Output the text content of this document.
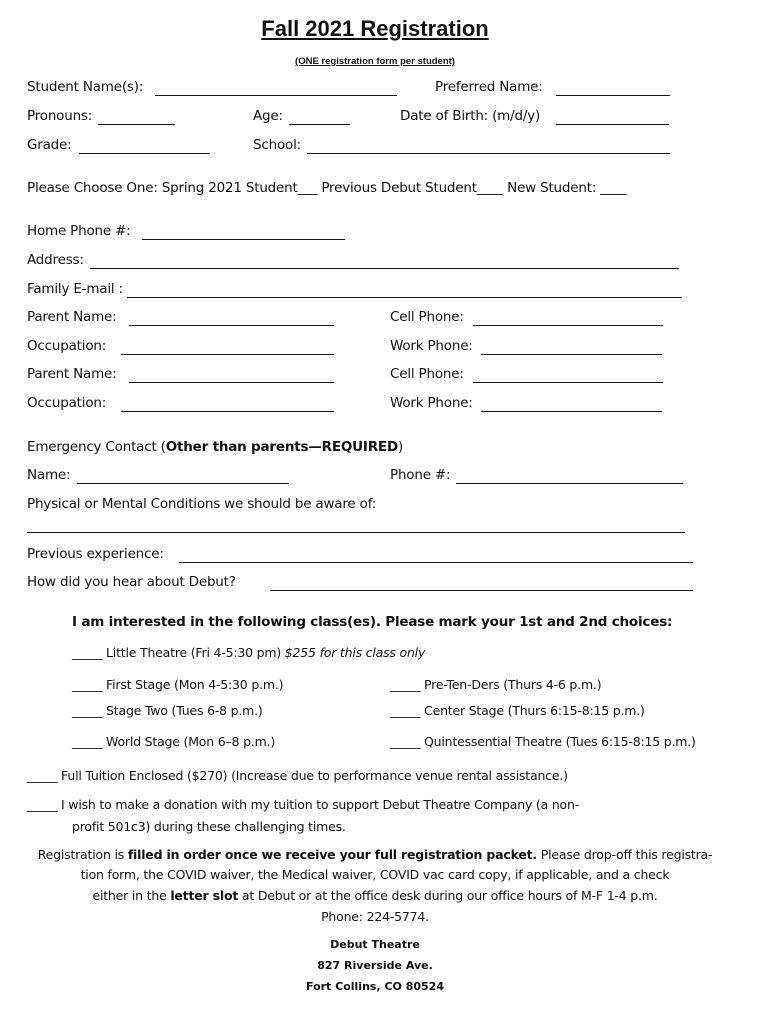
Fall 2021 Registration
(ONE registration form per student)
Student Name(s):	Preferred Name:
Pronouns:	Age:	Date of Birth: (m/d/y)
Grade:	School:
Please Choose One: Spring 2021 Student___ Previous Debut Student____ New Student: ____
Home Phone #:
Address:
Family E-mail :
Parent Name:	Cell Phone:
Occupation:	Work Phone:
Parent Name:	Cell Phone:
Occupation:	Work Phone:
Emergency Contact (Other than parents—REQUIRED)
Name:	Phone #:
Physical or Mental Conditions we should be aware of:
Previous experience:
How did you hear about Debut?
I am interested in the following class(es). Please mark your 1st and 2nd choices:
_____ Little Theatre (Fri 4-5:30 pm) $255 for this class only
_____ First Stage (Mon 4-5:30 p.m.)	_____ Pre-Ten-Ders (Thurs 4-6 p.m.)
_____ Stage Two (Tues 6-8 p.m.)	_____ Center Stage (Thurs 6:15-8:15 p.m.)
_____ World Stage (Mon 6–8 p.m.)	_____ Quintessential Theatre (Tues 6:15-8:15 p.m.)
_____ Full Tuition Enclosed ($270) (Increase due to performance venue rental assistance.)
_____ I wish to make a donation with my tuition to support Debut Theatre Company (a non-
profit 501c3) during these challenging times.
Registration is filled in order once we receive your full registration packet. Please drop-off this registra-
tion form, the COVID waiver, the Medical waiver, COVID vac card copy, if applicable, and a check
either in the letter slot at Debut or at the office desk during our office hours of M-F 1-4 p.m.
Phone: 224-5774.
Debut Theatre
827 Riverside Ave.
Fort Collins, CO 80524
